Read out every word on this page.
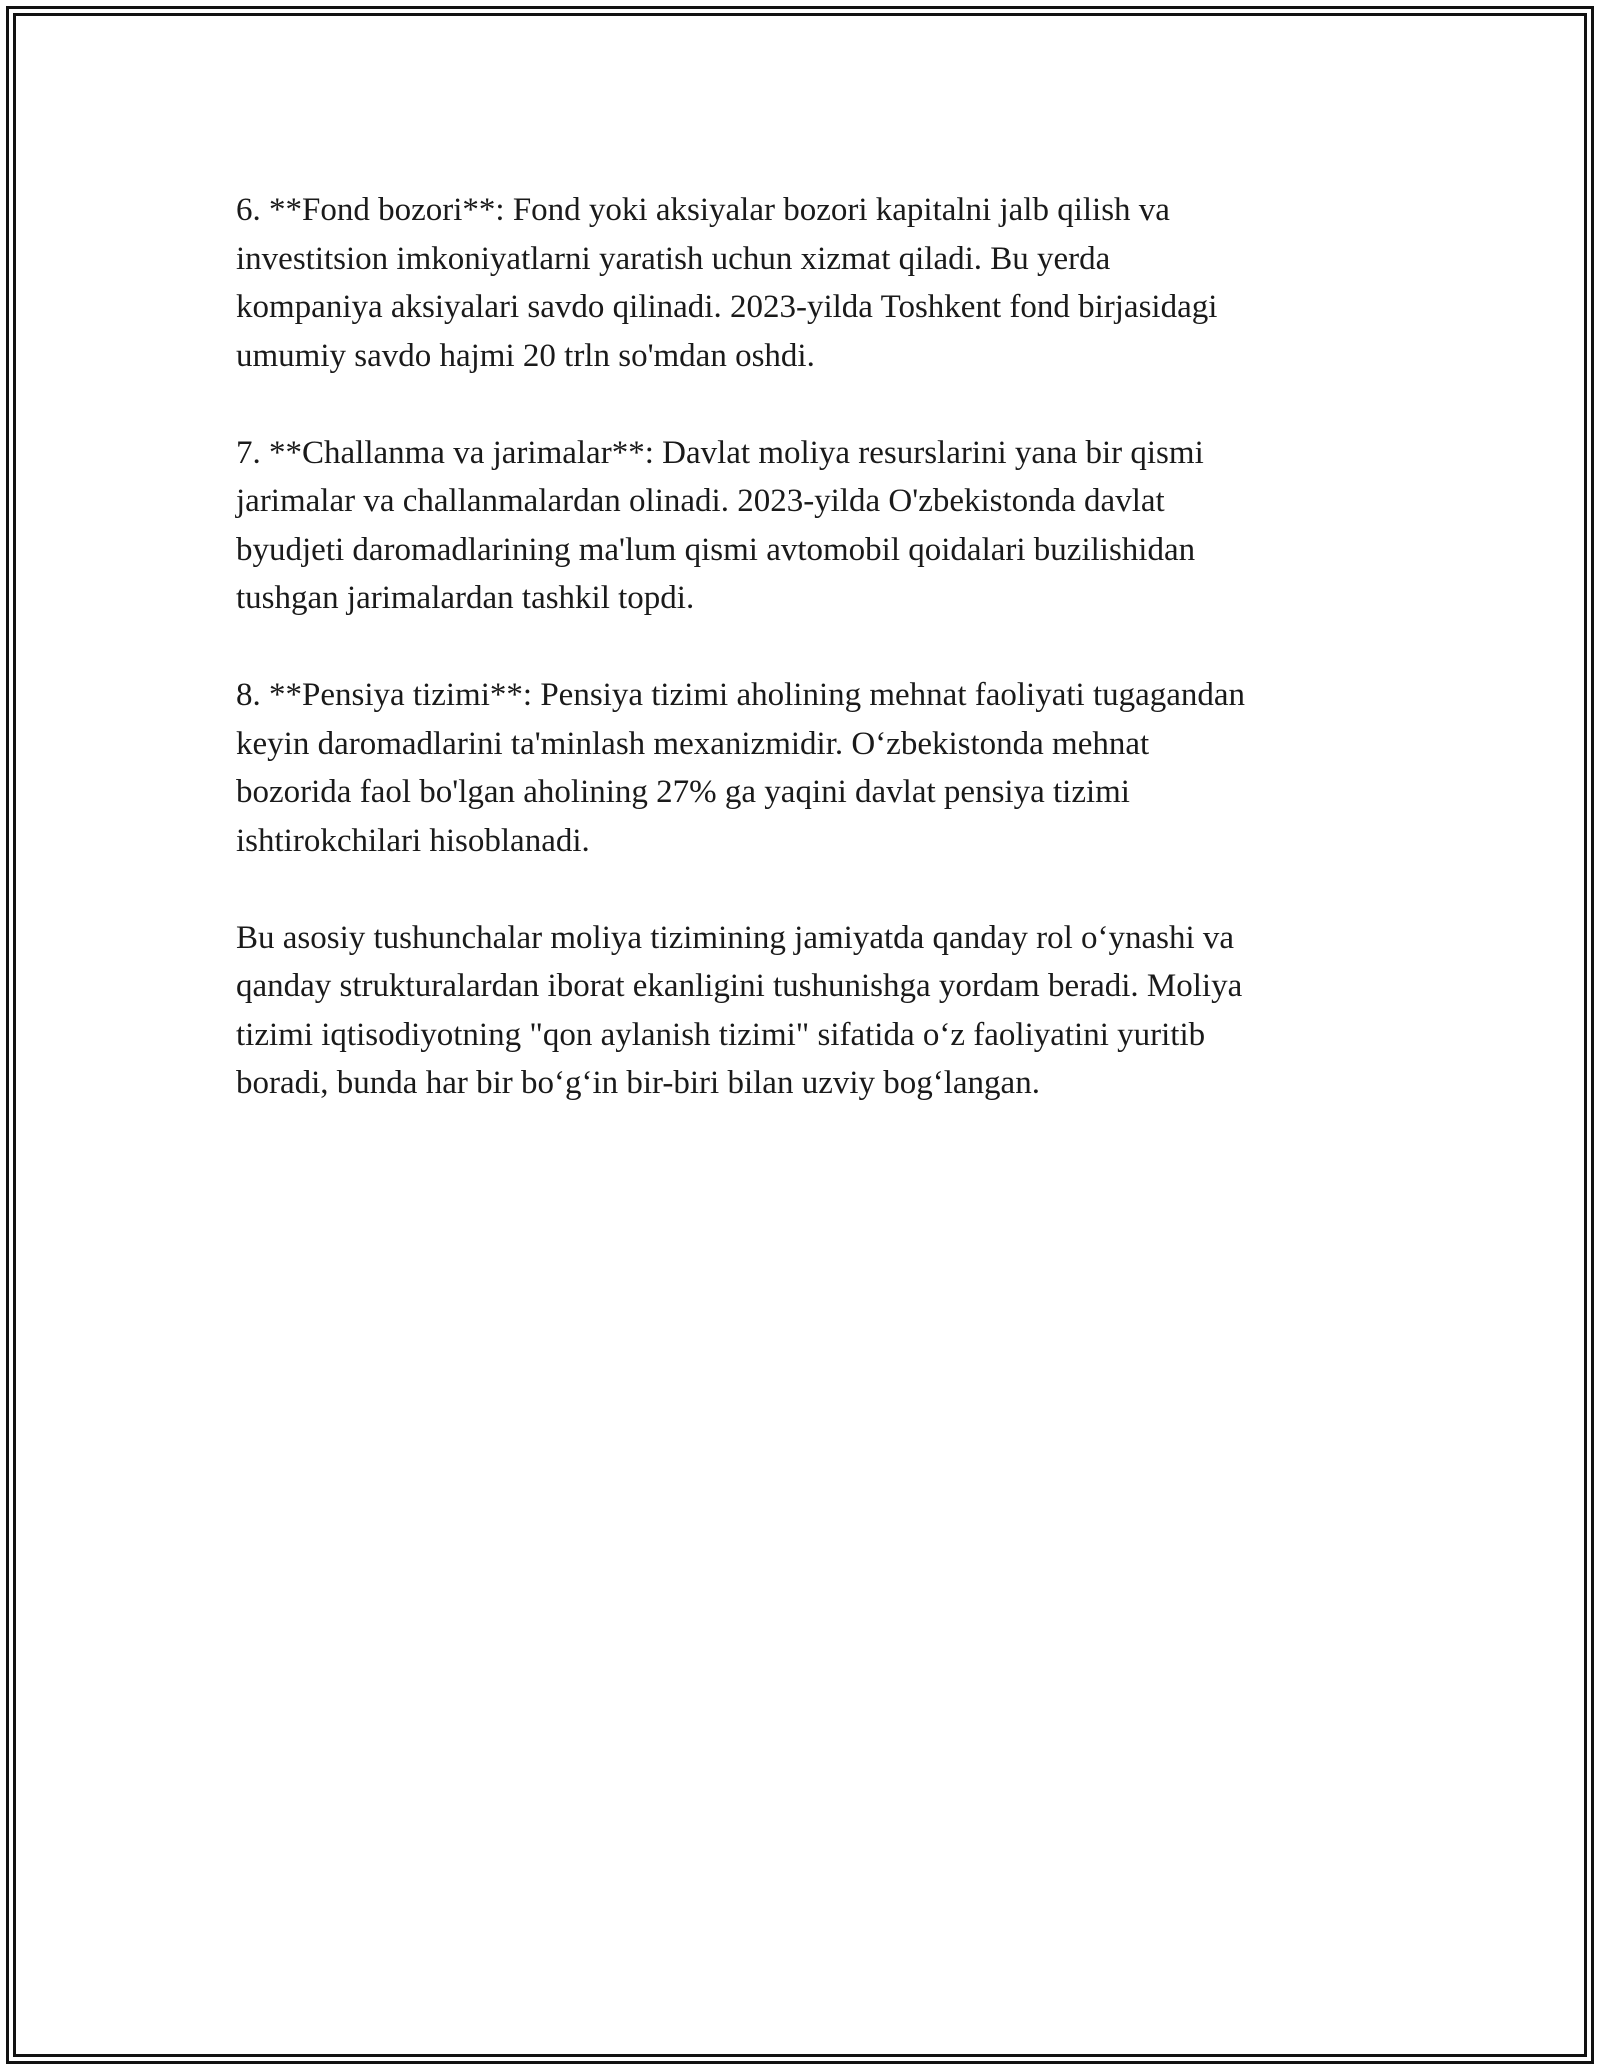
6. **Fond bozori**: Fond yoki aksiyalar bozori kapitalni jalb qilish va
investitsion imkoniyatlarni yaratish uchun xizmat qiladi. Bu yerda
kompaniya aksiyalari savdo qilinadi. 2023-yilda Toshkent fond birjasidagi
umumiy savdo hajmi 20 trln so'mdan oshdi.

7. **Challanma va jarimalar**: Davlat moliya resurslarini yana bir qismi
jarimalar va challanmalardan olinadi. 2023-yilda O'zbekistonda davlat
byudjeti daromadlarining ma'lum qismi avtomobil qoidalari buzilishidan
tushgan jarimalardan tashkil topdi.

8. **Pensiya tizimi**: Pensiya tizimi aholining mehnat faoliyati tugagandan
keyin daromadlarini ta'minlash mexanizmidir. O‘zbekistonda mehnat
bozorida faol bo'lgan aholining 27% ga yaqini davlat pensiya tizimi
ishtirokchilari hisoblanadi.

Bu asosiy tushunchalar moliya tizimining jamiyatda qanday rol o‘ynashi va
qanday strukturalardan iborat ekanligini tushunishga yordam beradi. Moliya
tizimi iqtisodiyotning "qon aylanish tizimi" sifatida o‘z faoliyatini yuritib
boradi, bunda har bir bo‘g‘in bir-biri bilan uzviy bog‘langan.
